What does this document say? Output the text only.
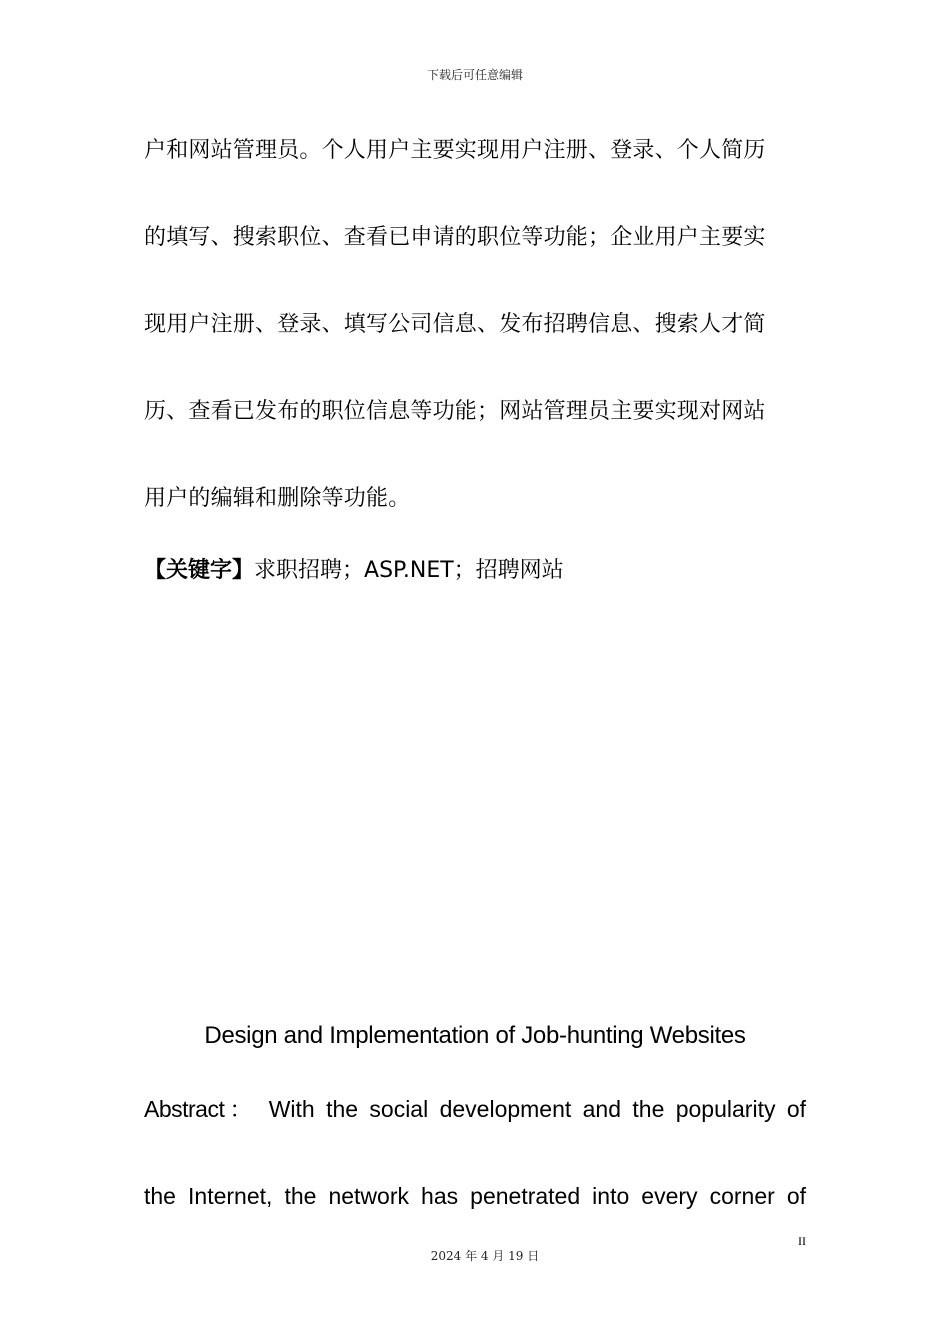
下载后可任意编辑
户和网站管理员。个人用户主要实现用户注册、登录、个人简历
的填写、搜索职位、查看已申请的职位等功能；企业用户主要实
现用户注册、登录、填写公司信息、发布招聘信息、搜索人才简
历、查看已发布的职位信息等功能；网站管理员主要实现对网站
用户的编辑和删除等功能。
【关键字】求职招聘；ASP.NET；招聘网站
Design and Implementation of Job-hunting Websites
Abstract： With the social development and the popularity of
the Internet, the network has penetrated into every corner of
II
2024 年 4 月 19 日
